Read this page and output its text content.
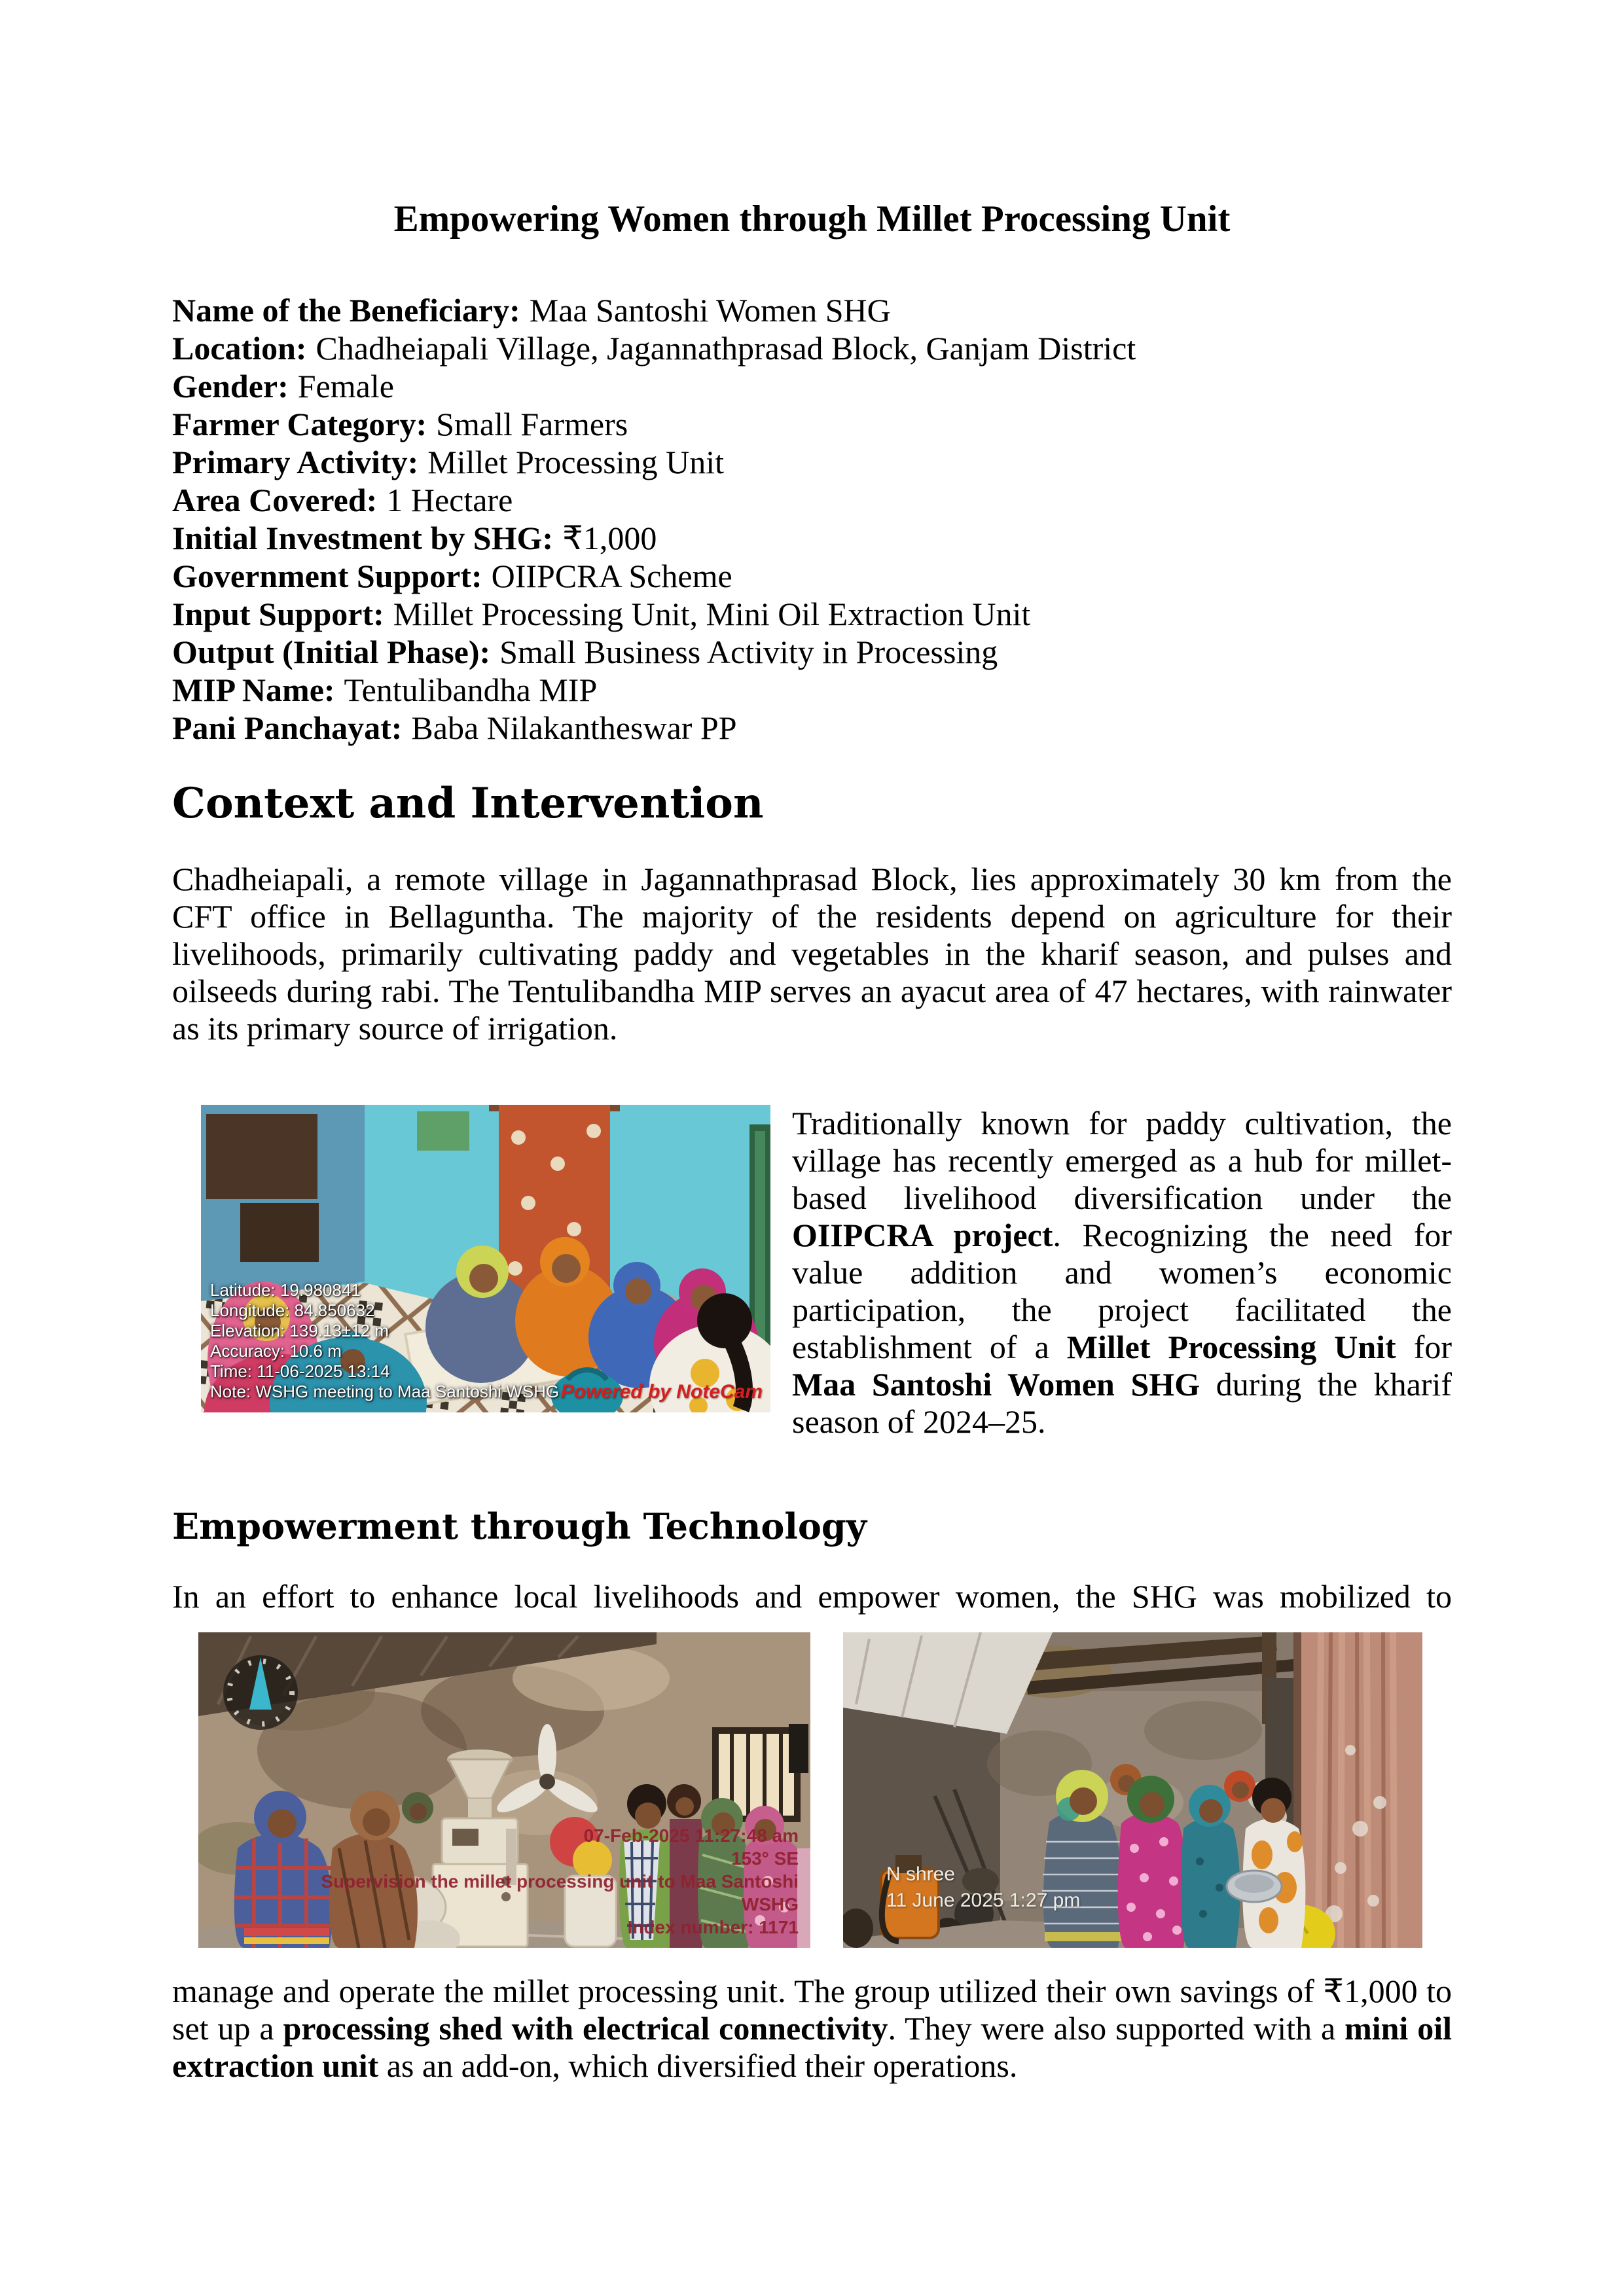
Empowering Women through Millet Processing Unit
Name of the Beneficiary: Maa Santoshi Women SHG
Location: Chadheiapali Village, Jagannathprasad Block, Ganjam District
Gender: Female
Farmer Category: Small Farmers
Primary Activity: Millet Processing Unit
Area Covered: 1 Hectare
Initial Investment by SHG: ₹1,000
Government Support: OIIPCRA Scheme
Input Support: Millet Processing Unit, Mini Oil Extraction Unit
Output (Initial Phase): Small Business Activity in Processing
MIP Name: Tentulibandha MIP
Pani Panchayat: Baba Nilakantheswar PP
Context and Intervention

Chadheiapali, a remote village in Jagannathprasad Block, lies approximately 30 km from the CFT office in Bellaguntha. The majority of the residents depend on agriculture for their livelihoods, primarily cultivating paddy and vegetables in the kharif season, and pulses and oilseeds during rabi. The Tentulibandha MIP serves an ayacut area of 47 hectares, with rainwater as its primary source of irrigation.

Latitude: 19.980841
Longitude: 84.850632
Elevation: 139.13±12 m
Accuracy: 10.6 m
Time: 11-06-2025 13:14
Note: WSHG meeting to Maa Santoshi WSHG Powered by NoteCam

Traditionally known for paddy cultivation, the village has recently emerged as a hub for millet-based livelihood diversification under the OIIPCRA project. Recognizing the need for value addition and women’s economic participation, the project facilitated the establishment of a Millet Processing Unit for Maa Santoshi Women SHG during the kharif season of 2024–25.

Empowerment through Technology

In an effort to enhance local livelihoods and empower women, the SHG was mobilized to

07-Feb-2025 11:27:48 am
153° SE
Supervision the millet processing unit to Maa Santoshi WSHG
Index number: 1171
N shree
11 June 2025 1:27 pm

manage and operate the millet processing unit. The group utilized their own savings of ₹1,000 to set up a processing shed with electrical connectivity. They were also supported with a mini oil extraction unit as an add-on, which diversified their operations.
